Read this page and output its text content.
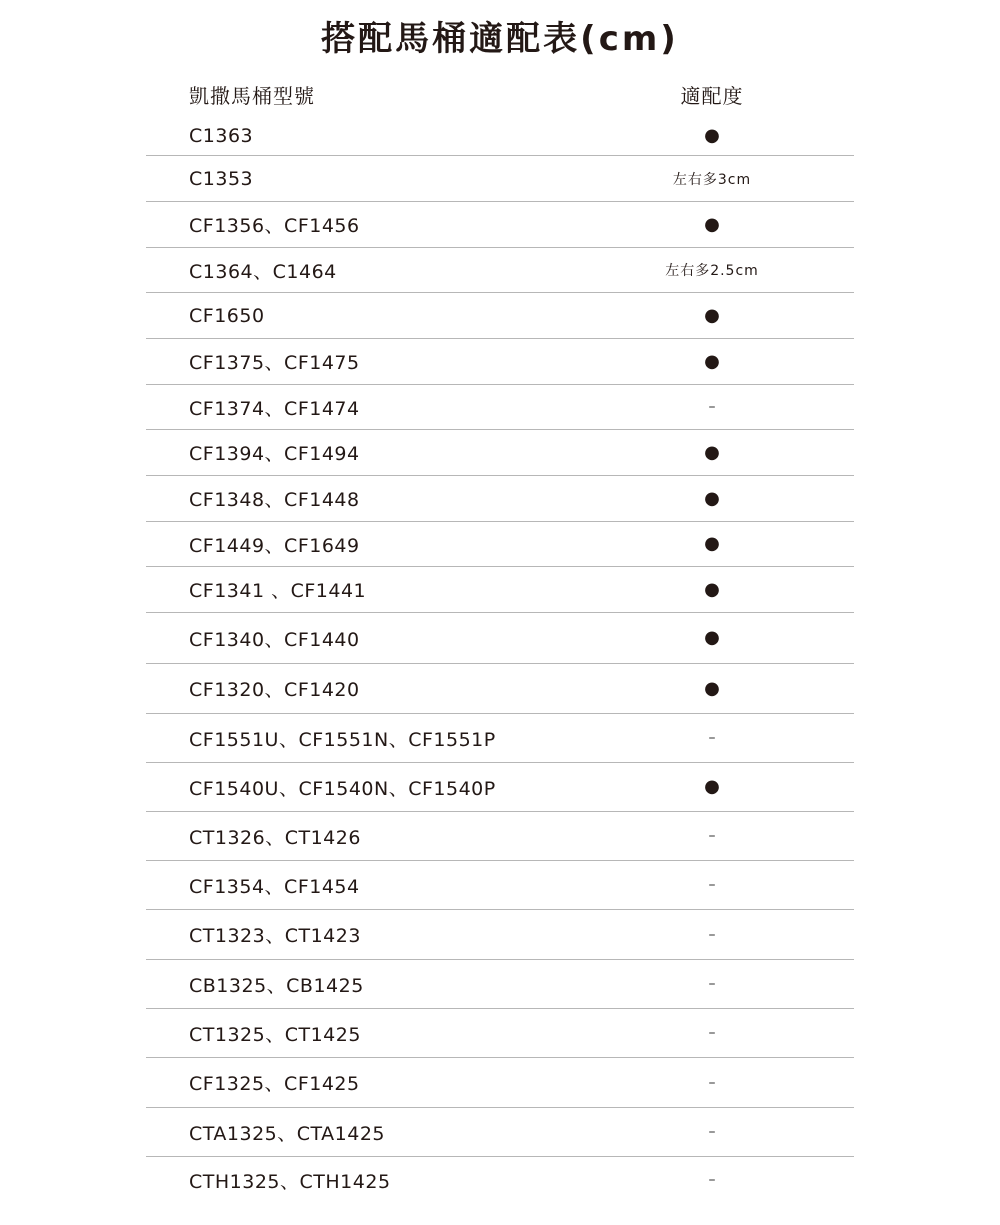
搭配馬桶適配表(cm)
凱撒馬桶型號	適配度
C1363	●
C1353	左右多3cm
CF1356、CF1456	●
C1364、C1464	左右多2.5cm
CF1650	●
CF1375、CF1475	●
CF1374、CF1474	–
CF1394、CF1494	●
CF1348、CF1448	●
CF1449、CF1649	●
CF1341 、CF1441	●
CF1340、CF1440	●
CF1320、CF1420	●
CF1551U、CF1551N、CF1551P	–
CF1540U、CF1540N、CF1540P	●
CT1326、CT1426	–
CF1354、CF1454	–
CT1323、CT1423	–
CB1325、CB1425	–
CT1325、CT1425	–
CF1325、CF1425	–
CTA1325、CTA1425	–
CTH1325、CTH1425	–
